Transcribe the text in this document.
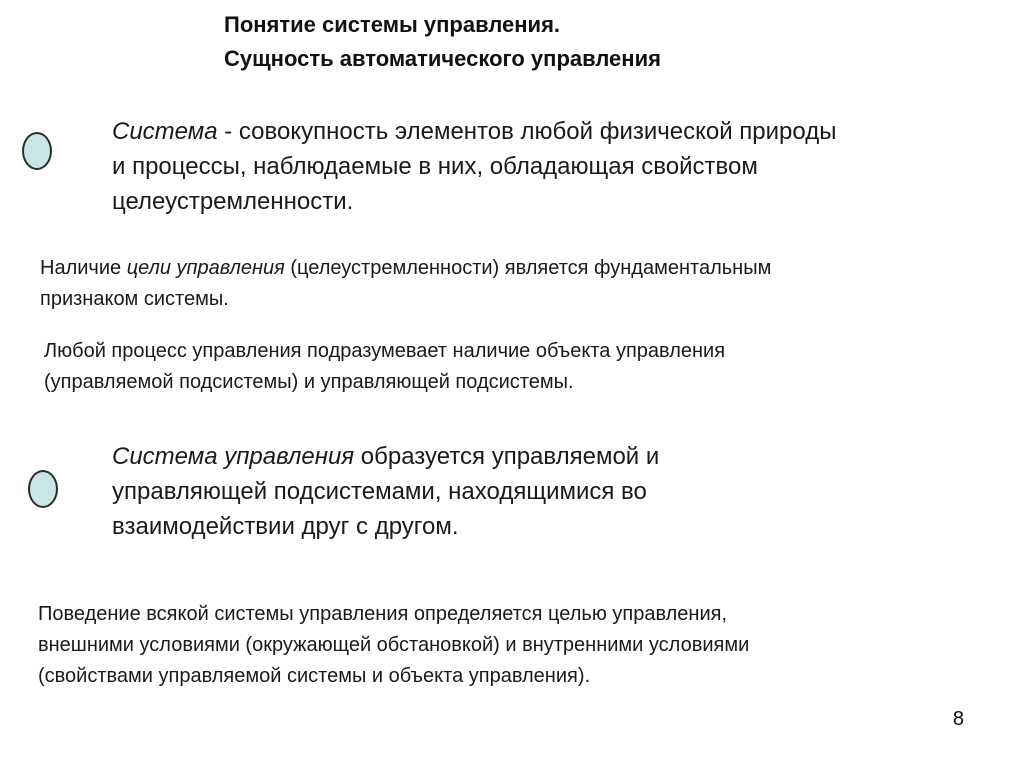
Понятие системы управления.
Сущность автоматического управления
Система - совокупность элементов любой физической природы
и процессы, наблюдаемые в них, обладающая свойством
целеустремленности.
Наличие цели управления (целеустремленности) является фундаментальным
признаком системы.
Любой процесс управления подразумевает наличие объекта управления
(управляемой подсистемы) и управляющей подсистемы.
Система управления образуется управляемой и
управляющей подсистемами, находящимися во
взаимодействии друг с другом.
Поведение всякой системы управления определяется целью управления,
внешними условиями (окружающей обстановкой) и внутренними условиями
(свойствами управляемой системы и объекта управления).
8
